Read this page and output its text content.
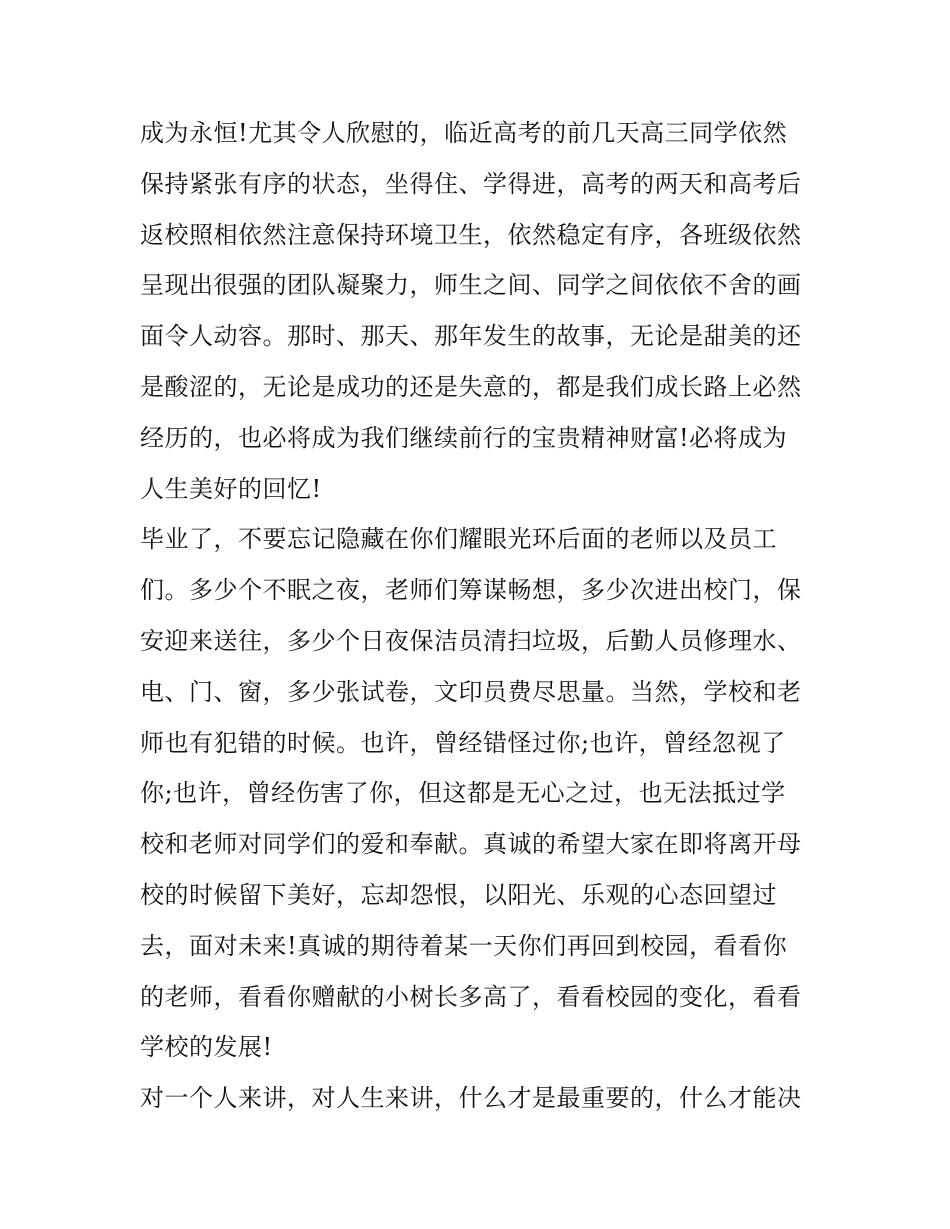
成为永恒!尤其令人欣慰的，临近高考的前几天高三同学依然

保持紧张有序的状态，坐得住、学得进，高考的两天和高考后

返校照相依然注意保持环境卫生，依然稳定有序，各班级依然

呈现出很强的团队凝聚力，师生之间、同学之间依依不舍的画

面令人动容。那时、那天、那年发生的故事，无论是甜美的还

是酸涩的，无论是成功的还是失意的，都是我们成长路上必然

经历的，也必将成为我们继续前行的宝贵精神财富!必将成为

人生美好的回忆!

毕业了，不要忘记隐藏在你们耀眼光环后面的老师以及员工

们。多少个不眠之夜，老师们筹谋畅想，多少次进出校门，保

安迎来送往，多少个日夜保洁员清扫垃圾，后勤人员修理水、

电、门、窗，多少张试卷，文印员费尽思量。当然，学校和老

师也有犯错的时候。也许，曾经错怪过你;也许，曾经忽视了

你;也许，曾经伤害了你，但这都是无心之过，也无法抵过学

校和老师对同学们的爱和奉献。真诚的希望大家在即将离开母

校的时候留下美好，忘却怨恨，以阳光、乐观的心态回望过

去，面对未来!真诚的期待着某一天你们再回到校园，看看你

的老师，看看你赠献的小树长多高了，看看校园的变化，看看

学校的发展!

对一个人来讲，对人生来讲，什么才是最重要的，什么才能决
